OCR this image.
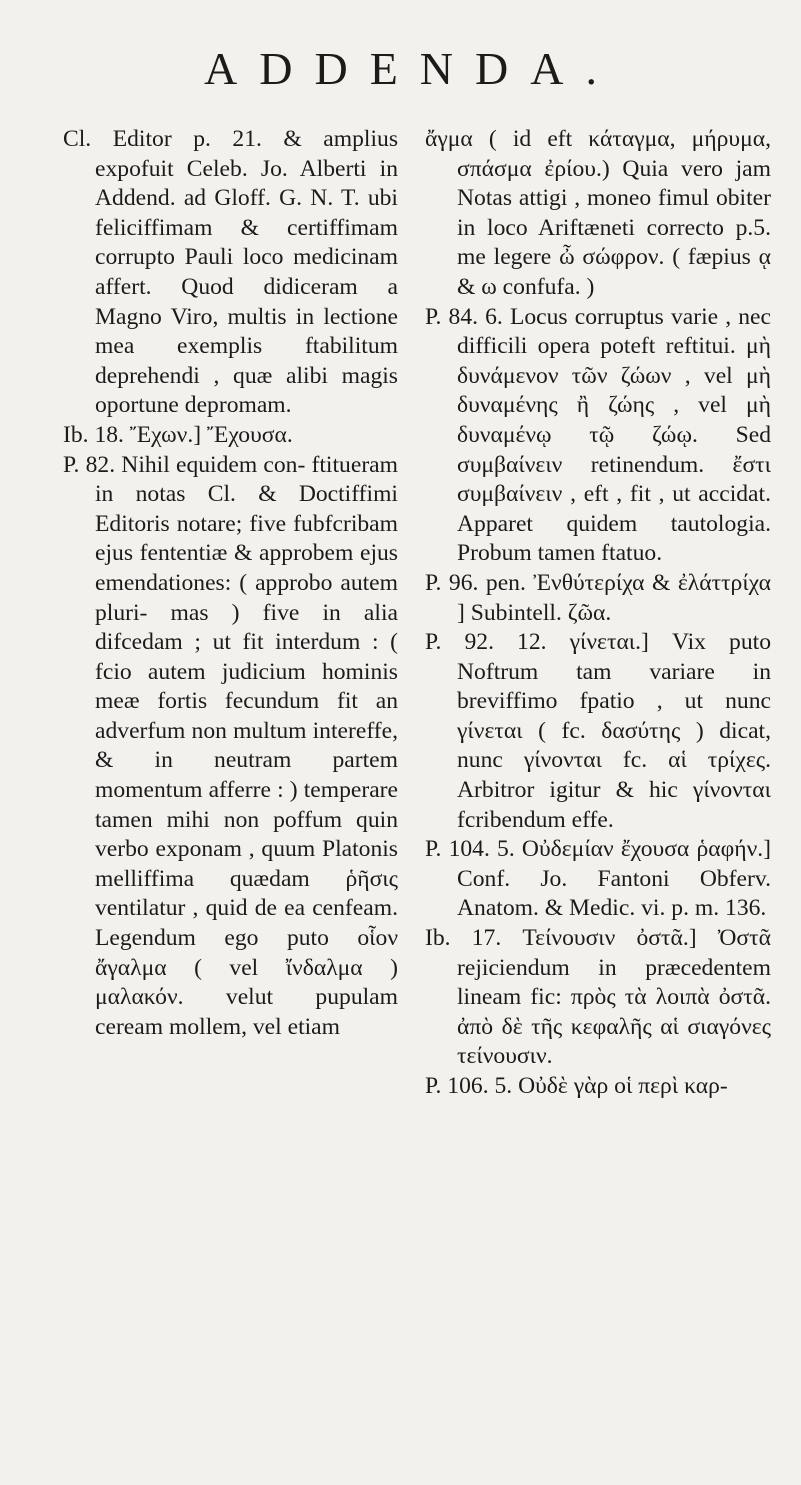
ADDENDA.

Cl. Editor p. 21. & amplius expofuit Celeb. Jo. Alberti in Addend. ad Gloff. G. N. T. ubi feliciffimam & certiffimam corrupto Pauli loco medicinam affert. Quod didiceram a Magno Viro, multis in lectione mea exemplis ftabilitum deprehendi , quæ alibi magis oportune depromam.

Ib. 18. Ἔχων.] Ἔχουσα.

P. 82. Nihil equidem con‑ ftitueram in notas Cl. & Doctiffimi Editoris notare; five fubfcribam ejus fententiæ & approbem ejus emendationes: ( approbo autem pluri‑ mas ) five in alia difcedam ; ut fit interdum : ( fcio autem judicium hominis meæ fortis fecundum fit an adverfum non multum intereffe, & in neutram partem momentum afferre : ) temperare tamen mihi non poffum quin verbo exponam , quum Platonis melliffima quædam ῥῆσις ventilatur , quid de ea cenfeam. Legendum ego puto οἷον ἄγαλμα ( vel ἴνδαλμα ) μαλακόν. velut pupulam ceream mollem, vel etiam

ἄγμα ( id eft κάταγμα, μήρυμα, σπάσμα ἐρίου.) Quia vero jam Notas attigi , moneo fimul obiter in loco Ariftæneti correcto p.5. me legere ὦ σώφρον. ( fæpius ᾳ & ω confufa. )

P. 84. 6. Locus corruptus varie , nec difficili opera poteft reftitui. μὴ δυνάμενον τῶν ζώων , vel μὴ δυναμένης ἢ ζώης , vel μὴ δυναμένῳ τῷ ζώῳ. Sed συμβαίνειν retinendum. ἔστι συμβαίνειν , eft , fit , ut accidat. Apparet quidem tautologia. Probum tamen ftatuo.

P. 96. pen. Ἐνθύτερίχα & ἐλάττρίχα ] Subintell. ζῶα.

P. 92. 12. γίνεται.] Vix puto Noftrum tam variare in breviffimo fpatio , ut nunc γίνεται ( fc. δασύτης ) dicat, nunc γίνονται fc. αἱ τρίχες. Arbitror igitur & hic γίνονται fcribendum effe.

P. 104. 5. Οὐδεμίαν ἔχουσα ῥαφήν.] Conf. Jo. Fantoni Obferv. Anatom. & Medic. vi. p. m. 136.

Ib. 17. Τείνουσιν ὀστᾶ.] Ὀστᾶ rejiciendum in præcedentem lineam fic: πρὸς τὰ λοιπὰ ὀστᾶ. ἀπὸ δὲ τῆς κεφαλῆς αἱ σιαγόνες τείνουσιν.

P. 106. 5. Οὐδὲ γὰρ οἱ περὶ καρ‑
